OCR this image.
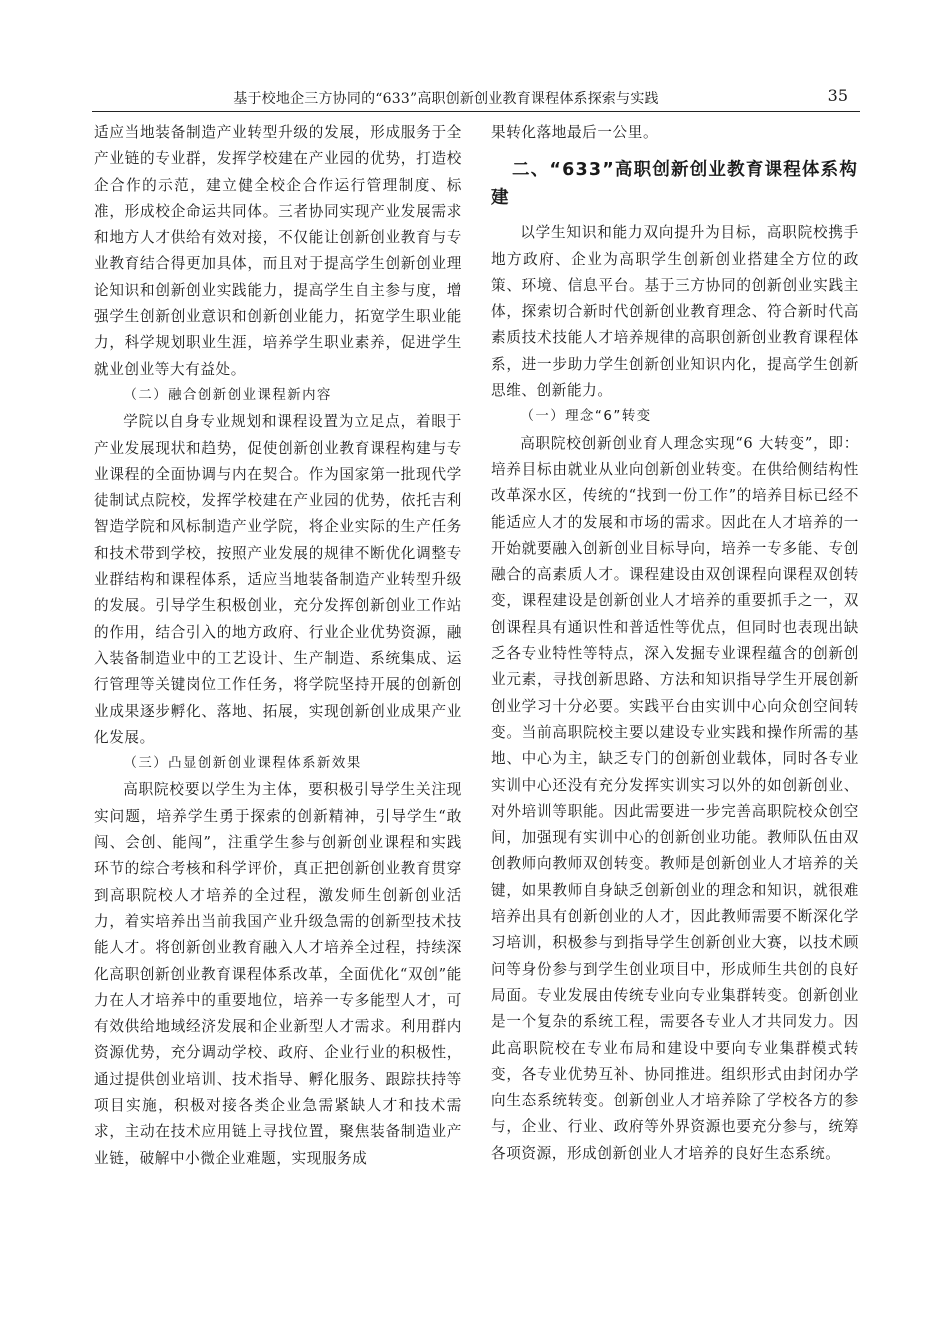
基于校地企三方协同的“633”高职创新创业教育课程体系探索与实践	35

适应当地装备制造产业转型升级的发展，形成服务于全产业链的专业群，发挥学校建在产业园的优势，打造校企合作的示范，建立健全校企合作运行管理制度、标准，形成校企命运共同体。三者协同实现产业发展需求和地方人才供给有效对接，不仅能让创新创业教育与专业教育结合得更加具体，而且对于提高学生创新创业理论知识和创新创业实践能力，提高学生自主参与度，增强学生创新创业意识和创新创业能力，拓宽学生职业能力，科学规划职业生涯，培养学生职业素养，促进学生就业创业等大有益处。

（二）融合创新创业课程新内容

学院以自身专业规划和课程设置为立足点，着眼于产业发展现状和趋势，促使创新创业教育课程构建与专业课程的全面协调与内在契合。作为国家第一批现代学徒制试点院校，发挥学校建在产业园的优势，依托吉利智造学院和风标制造产业学院，将企业实际的生产任务和技术带到学校，按照产业发展的规律不断优化调整专业群结构和课程体系，适应当地装备制造产业转型升级的发展。引导学生积极创业，充分发挥创新创业工作站的作用，结合引入的地方政府、行业企业优势资源，融入装备制造业中的工艺设计、生产制造、系统集成、运行管理等关键岗位工作任务，将学院坚持开展的创新创业成果逐步孵化、落地、拓展，实现创新创业成果产业化发展。

（三）凸显创新创业课程体系新效果

高职院校要以学生为主体，要积极引导学生关注现实问题，培养学生勇于探索的创新精神，引导学生“敢闯、会创、能闯”，注重学生参与创新创业课程和实践环节的综合考核和科学评价，真正把创新创业教育贯穿到高职院校人才培养的全过程，激发师生创新创业活力，着实培养出当前我国产业升级急需的创新型技术技能人才。将创新创业教育融入人才培养全过程，持续深化高职创新创业教育课程体系改革，全面优化“双创”能力在人才培养中的重要地位，培养一专多能型人才，可有效供给地域经济发展和企业新型人才需求。利用群内资源优势，充分调动学校、政府、企业行业的积极性，通过提供创业培训、技术指导、孵化服务、跟踪扶持等项目实施，积极对接各类企业急需紧缺人才和技术需求，主动在技术应用链上寻找位置，聚焦装备制造业产业链，破解中小微企业难题，实现服务成

果转化落地最后一公里。

二、“633”高职创新创业教育课程体系构建

以学生知识和能力双向提升为目标，高职院校携手地方政府、企业为高职学生创新创业搭建全方位的政策、环境、信息平台。基于三方协同的创新创业实践主体，探索切合新时代创新创业教育理念、符合新时代高素质技术技能人才培养规律的高职创新创业教育课程体系，进一步助力学生创新创业知识内化，提高学生创新思维、创新能力。

（一）理念“6”转变

高职院校创新创业育人理念实现“6 大转变”，即：培养目标由就业从业向创新创业转变。在供给侧结构性改革深水区，传统的“找到一份工作”的培养目标已经不能适应人才的发展和市场的需求。因此在人才培养的一开始就要融入创新创业目标导向，培养一专多能、专创融合的高素质人才。课程建设由双创课程向课程双创转变，课程建设是创新创业人才培养的重要抓手之一，双创课程具有通识性和普适性等优点，但同时也表现出缺乏各专业特性等特点，深入发掘专业课程蕴含的创新创业元素，寻找创新思路、方法和知识指导学生开展创新创业学习十分必要。实践平台由实训中心向众创空间转变。当前高职院校主要以建设专业实践和操作所需的基地、中心为主，缺乏专门的创新创业载体，同时各专业实训中心还没有充分发挥实训实习以外的如创新创业、对外培训等职能。因此需要进一步完善高职院校众创空间，加强现有实训中心的创新创业功能。教师队伍由双创教师向教师双创转变。教师是创新创业人才培养的关键，如果教师自身缺乏创新创业的理念和知识，就很难培养出具有创新创业的人才，因此教师需要不断深化学习培训，积极参与到指导学生创新创业大赛，以技术顾问等身份参与到学生创业项目中，形成师生共创的良好局面。专业发展由传统专业向专业集群转变。创新创业是一个复杂的系统工程，需要各专业人才共同发力。因此高职院校在专业布局和建设中要向专业集群模式转变，各专业优势互补、协同推进。组织形式由封闭办学向生态系统转变。创新创业人才培养除了学校各方的参与，企业、行业、政府等外界资源也要充分参与，统筹各项资源，形成创新创业人才培养的良好生态系统。
